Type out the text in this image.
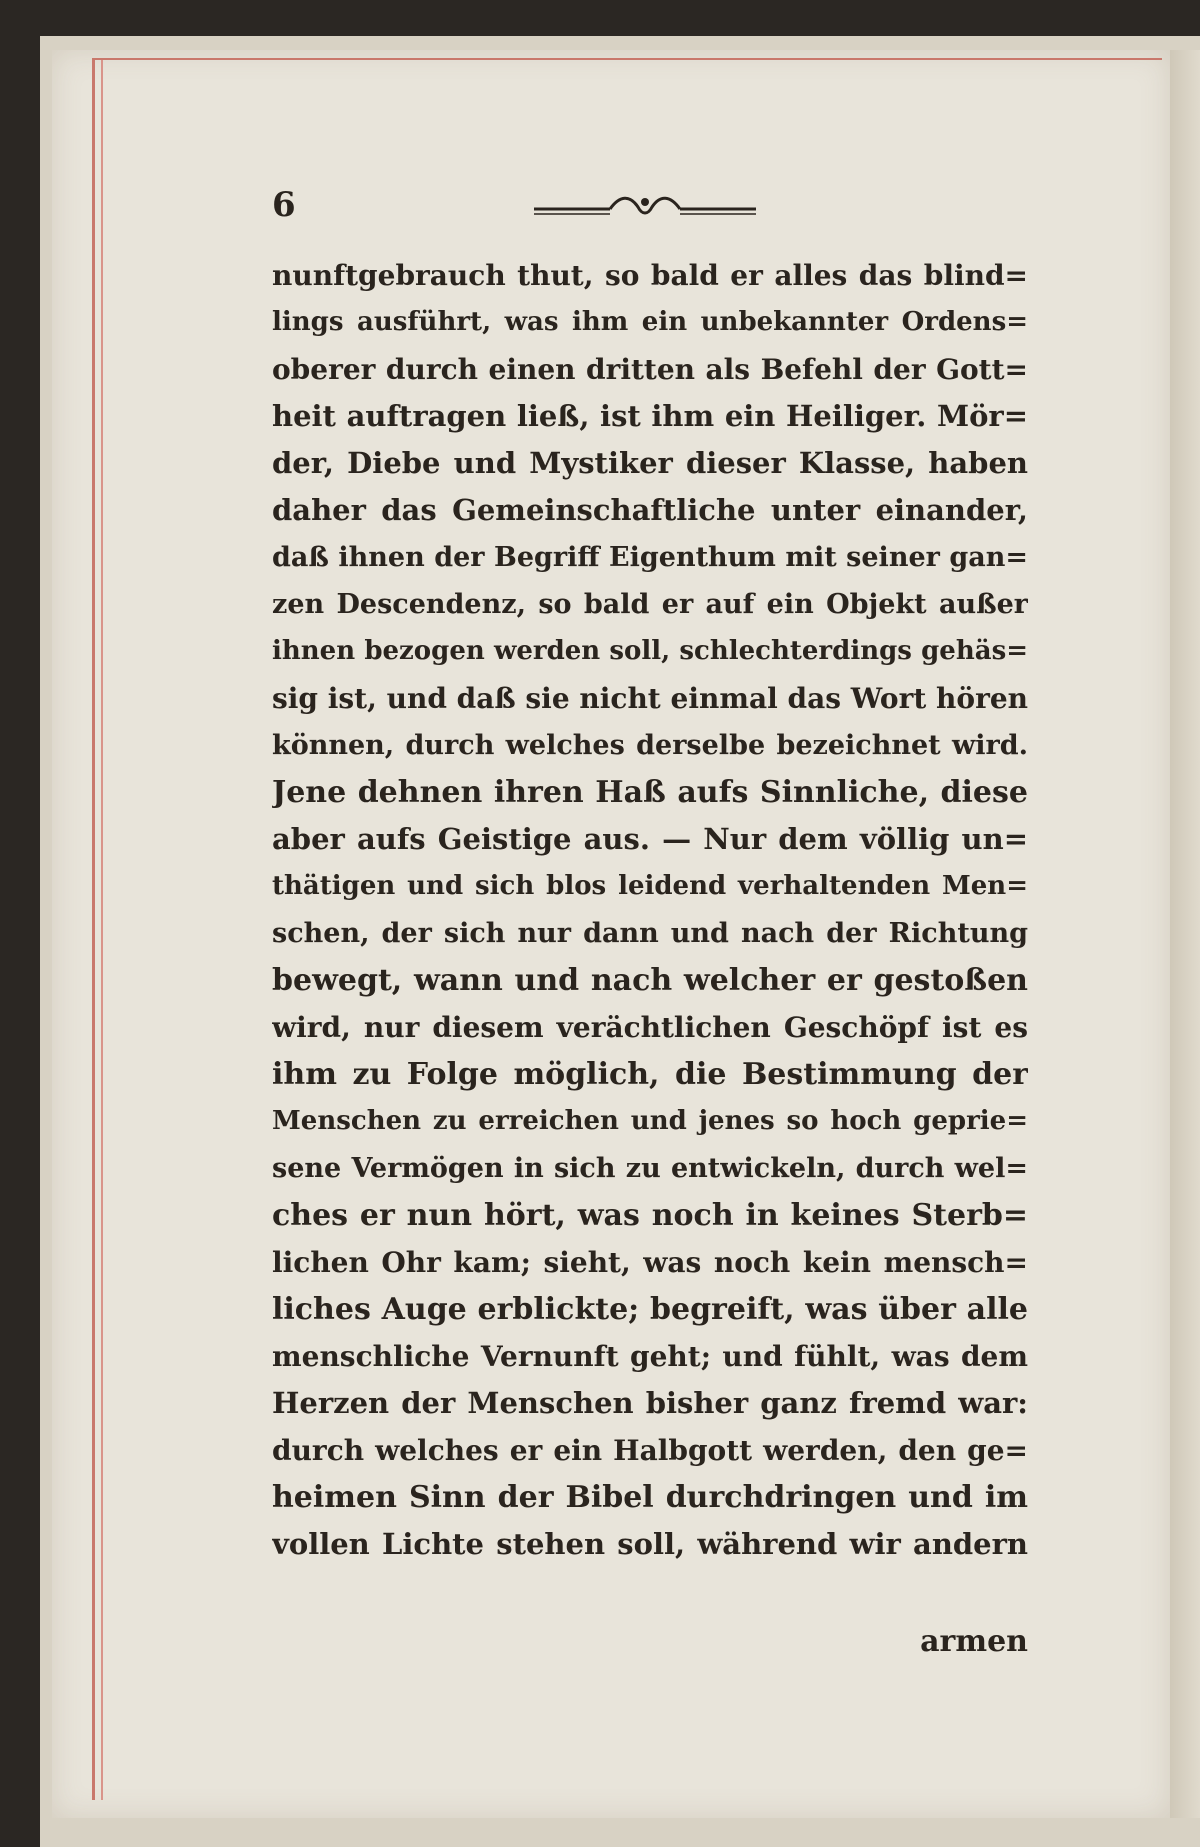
6
nunftgebrauch thut, so bald er alles das blind=
lings ausführt, was ihm ein unbekannter Ordens=
oberer durch einen dritten als Befehl der Gott=
heit auftragen ließ, ist ihm ein Heiliger. Mör=
der, Diebe und Mystiker dieser Klasse, haben
daher das Gemeinschaftliche unter einander,
daß ihnen der Begriff Eigenthum mit seiner gan=
zen Descendenz, so bald er auf ein Objekt außer
ihnen bezogen werden soll, schlechterdings gehäs=
sig ist, und daß sie nicht einmal das Wort hören
können, durch welches derselbe bezeichnet wird.
Jene dehnen ihren Haß aufs Sinnliche, diese
aber aufs Geistige aus. — Nur dem völlig un=
thätigen und sich blos leidend verhaltenden Men=
schen, der sich nur dann und nach der Richtung
bewegt, wann und nach welcher er gestoßen
wird, nur diesem verächtlichen Geschöpf ist es
ihm zu Folge möglich, die Bestimmung der
Menschen zu erreichen und jenes so hoch geprie=
sene Vermögen in sich zu entwickeln, durch wel=
ches er nun hört, was noch in keines Sterb=
lichen Ohr kam; sieht, was noch kein mensch=
liches Auge erblickte; begreift, was über alle
menschliche Vernunft geht; und fühlt, was dem
Herzen der Menschen bisher ganz fremd war:
durch welches er ein Halbgott werden, den ge=
heimen Sinn der Bibel durchdringen und im
vollen Lichte stehen soll, während wir andern
armen
